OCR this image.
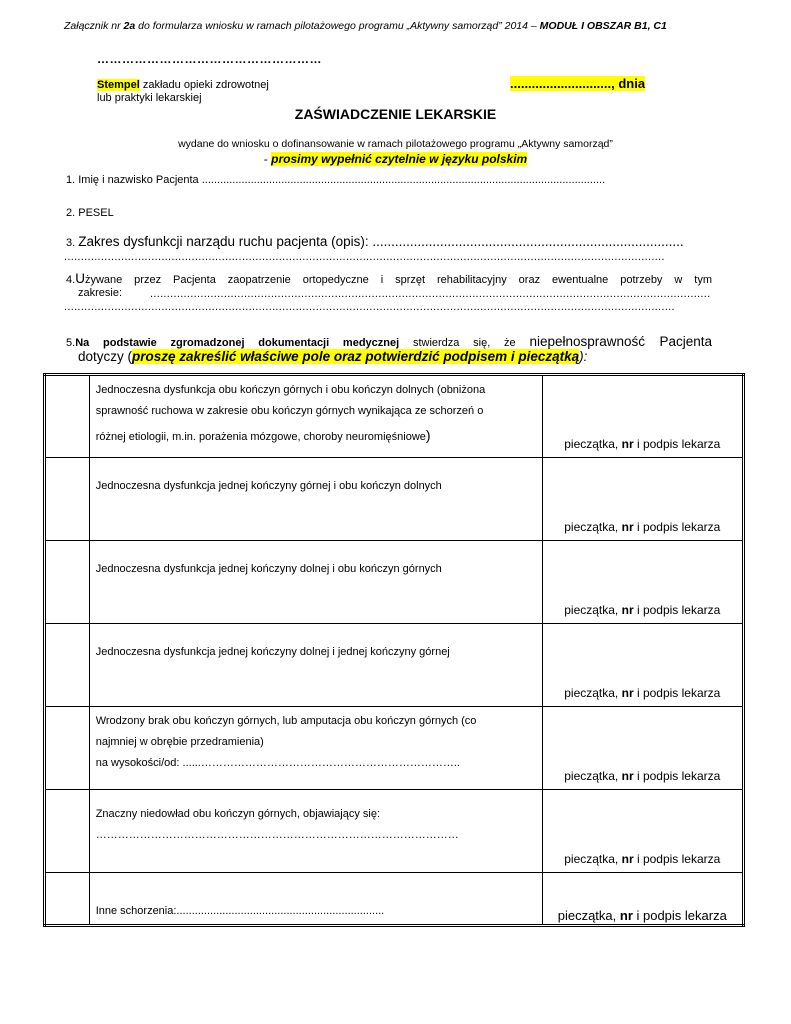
Załącznik nr 2a do formularza wniosku w ramach pilotażowego programu „Aktywny samorząd” 2014 – MODUŁ I OBSZAR B1, C1
………………………………………………
Stempel zakładu opieki zdrowotnej
lub praktyki lekarskiej
............................, dnia
ZAŚWIADCZENIE LEKARSKIE
wydane do wniosku o dofinansowanie w ramach pilotażowego programu „Aktywny samorząd”
- prosimy wypełnić czytelnie w języku polskim
1. Imię i nazwisko Pacjenta ....................................................................................................................................
2. PESEL
3. Zakres dysfunkcji narządu ruchu pacjenta (opis): ...................................................................................
...................................................................................................................................................................................
4.Używane przez Pacjenta zaopatrzenie ortopedyczne i sprzęt rehabilitacyjny oraz ewentualne potrzeby w tym
zakresie:	.......................................................................................................................................................................
......................................................................................................................................................................................
5.Na podstawie zgromadzonej dokumentacji medycznej stwierdza się, że niepełnosprawność Pacjenta
dotyczy (proszę zakreślić właściwe pole oraz potwierdzić podpisem i pieczątką):

	Jednoczesna dysfunkcja obu kończyn górnych i obu kończyn dolnych (obniżona
sprawność ruchowa w zakresie obu kończyn górnych wynikająca ze schorzeń o
różnej etiologii, m.in. porażenia mózgowe, choroby neuromięśniowe)	pieczątka, nr i podpis lekarza

	Jednoczesna dysfunkcja jednej kończyny górnej i obu kończyn dolnych	pieczątka, nr i podpis lekarza

	Jednoczesna dysfunkcja jednej kończyny dolnej i obu kończyn górnych	pieczątka, nr i podpis lekarza

	Jednoczesna dysfunkcja jednej kończyny dolnej i jednej kończyny górnej	pieczątka, nr i podpis lekarza

	Wrodzony brak obu kończyn górnych, lub amputacja obu kończyn górnych (co
najmniej w obrębie przedramienia)
na wysokości/od: ......……………………………………………………………..	pieczątka, nr i podpis lekarza

	Znaczny niedowład obu kończyn górnych, objawiający się:
………………………………………………………………………………………	pieczątka, nr i podpis lekarza

	Inne schorzenia:....................................................................	pieczątka, nr i podpis lekarza
